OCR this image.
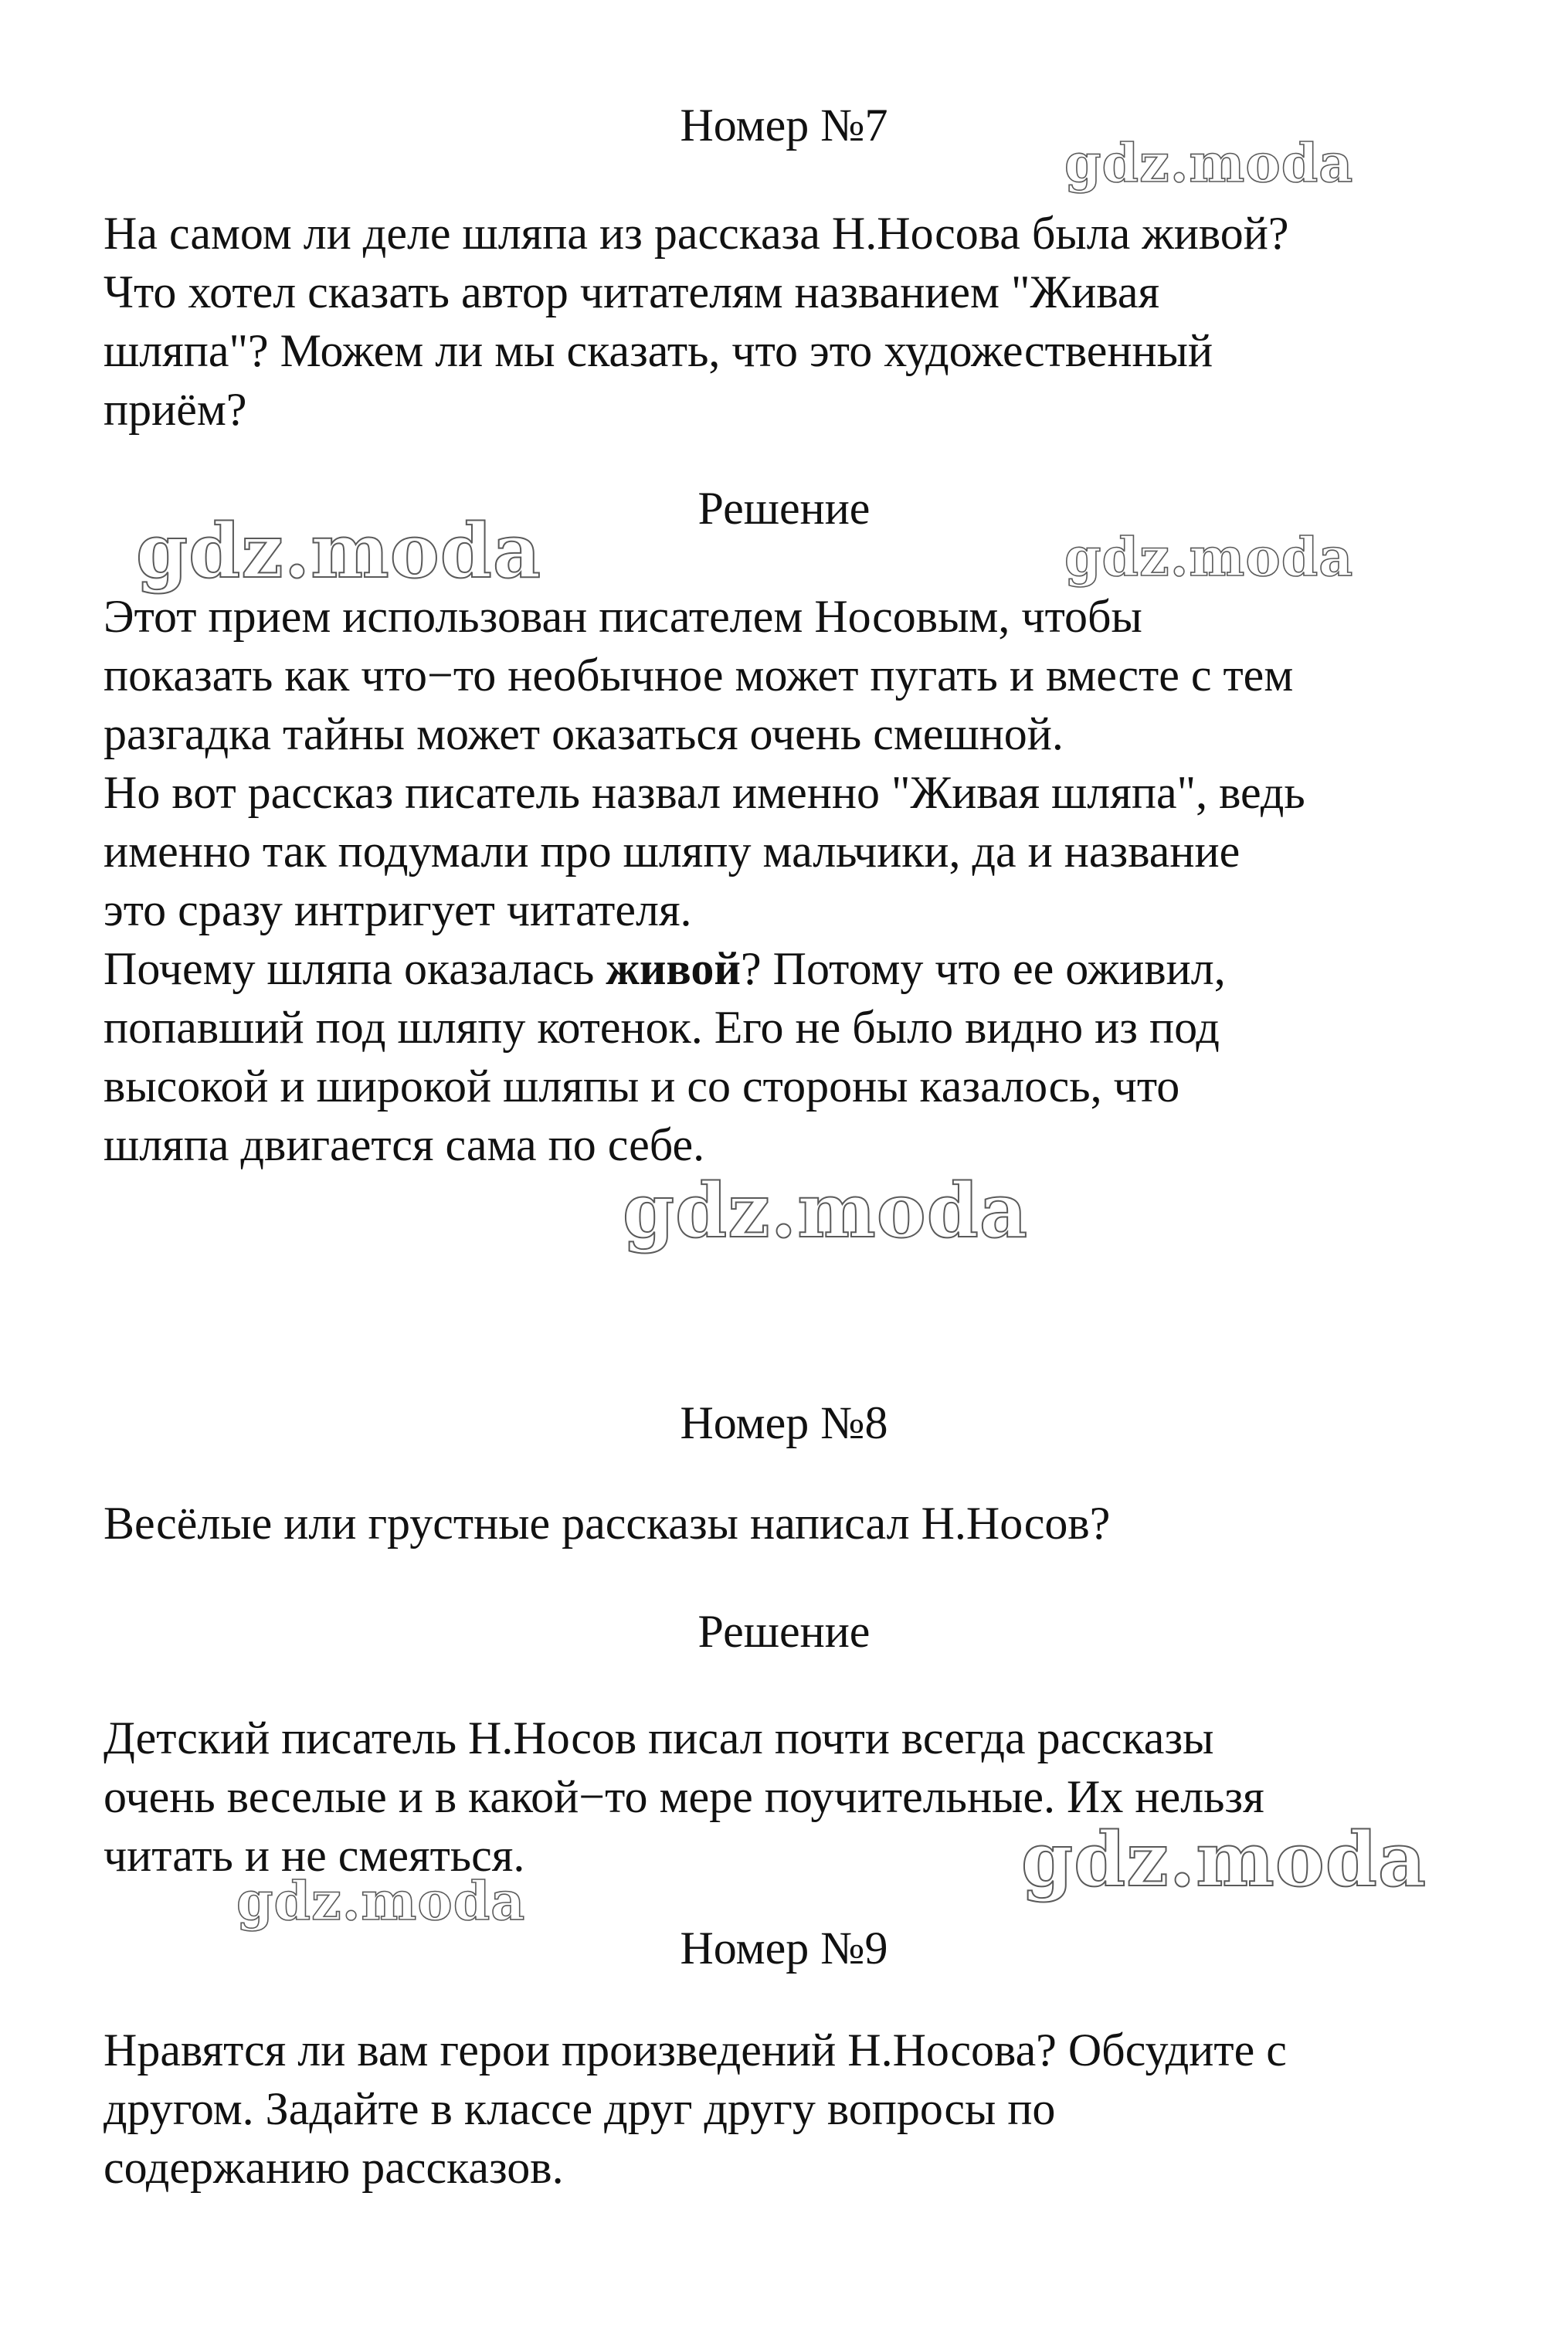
Номер №7
На самом ли деле шляпа из рассказа Н.Носова была живой?
Что хотел сказать автор читателям названием "Живая
шляпа"? Можем ли мы сказать, что это художественный
приём?
Решение
Этот прием использован писателем Носовым, чтобы
показать как что−то необычное может пугать и вместе с тем
разгадка тайны может оказаться очень смешной.
Но вот рассказ писатель назвал именно "Живая шляпа", ведь
именно так подумали про шляпу мальчики, да и название
это сразу интригует читателя.
Почему шляпа оказалась живой? Потому что ее оживил,
попавший под шляпу котенок. Его не было видно из под
высокой и широкой шляпы и со стороны казалось, что
шляпа двигается сама по себе.
Номер №8
Весёлые или грустные рассказы написал Н.Носов?
Решение
Детский писатель Н.Носов писал почти всегда рассказы
очень веселые и в какой−то мере поучительные. Их нельзя
читать и не смеяться.
Номер №9
Нравятся ли вам герои произведений Н.Носова? Обсудите с
другом. Задайте в классе друг другу вопросы по
содержанию рассказов.
gdz.moda
gdz.moda	gdz.moda
gdz.moda
gdz.moda
gdz.moda
